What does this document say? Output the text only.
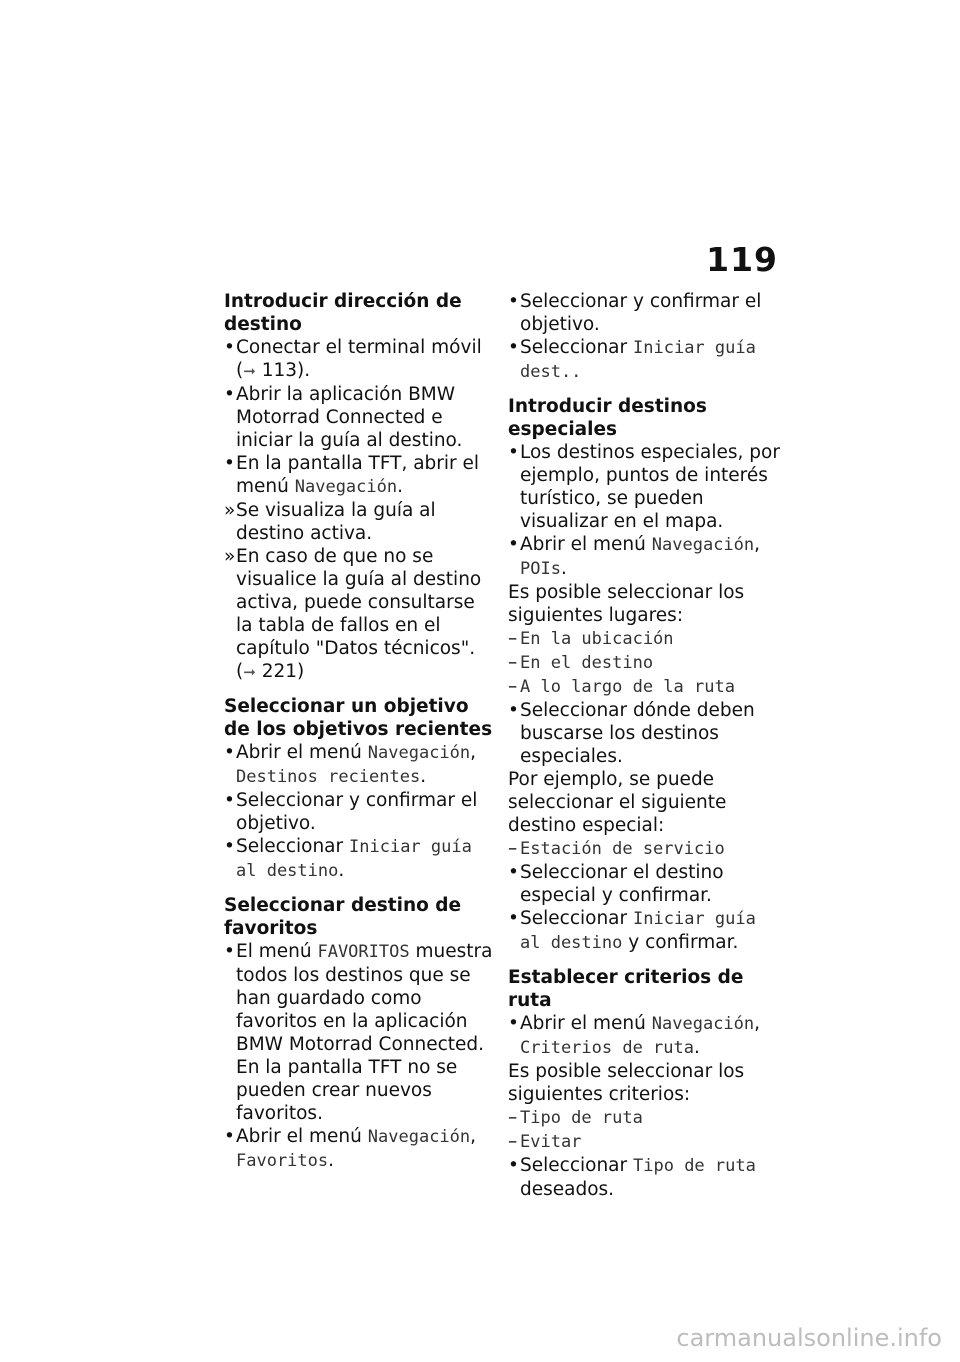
119

Introducir dirección de destino

• Conectar el terminal móvil (➞ 113).
• Abrir la aplicación BMW Motorrad Connected e iniciar la guía al destino.
• En la pantalla TFT, abrir el menú Navegación.
» Se visualiza la guía al destino activa.
» En caso de que no se visualice la guía al destino activa, puede consultarse la tabla de fallos en el capítulo "Datos técnicos". (➞ 221)

Seleccionar un objetivo de los objetivos recientes

• Abrir el menú Navegación, Destinos recientes.
• Seleccionar y confirmar el objetivo.
• Seleccionar Iniciar guía al destino.

Seleccionar destino de favoritos

• El menú FAVORITOS muestra todos los destinos que se han guardado como favoritos en la aplicación BMW Motorrad Connected. En la pantalla TFT no se pueden crear nuevos favoritos.
• Abrir el menú Navegación, Favoritos.
• Seleccionar y confirmar el objetivo.
• Seleccionar Iniciar guía dest..

Introducir destinos especiales

• Los destinos especiales, por ejemplo, puntos de interés turístico, se pueden visualizar en el mapa.
• Abrir el menú Navegación, POIs.

Es posible seleccionar los siguientes lugares:

– En la ubicación
– En el destino
– A lo largo de la ruta
• Seleccionar dónde deben buscarse los destinos especiales.

Por ejemplo, se puede seleccionar el siguiente destino especial:

– Estación de servicio
• Seleccionar el destino especial y confirmar.
• Seleccionar Iniciar guía al destino y confirmar.

Establecer criterios de ruta

• Abrir el menú Navegación, Criterios de ruta.

Es posible seleccionar los siguientes criterios:

– Tipo de ruta
– Evitar
• Seleccionar Tipo de ruta deseados.
carmanualsonline.info
